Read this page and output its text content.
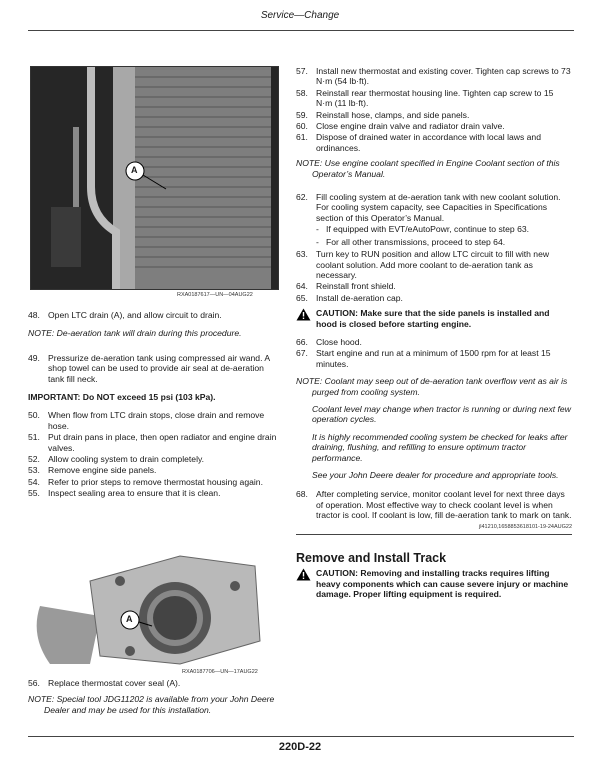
Service—Change
A
RXA0187617—UN—04AUG22
48. Open LTC drain (A), and allow circuit to drain.
NOTE: De-aeration tank will drain during this procedure.
49. Pressurize de-aeration tank using compressed air wand. A shop towel can be used to provide air seal at de-aeration tank fill neck.
IMPORTANT: Do NOT exceed 15 psi (103 kPa).
50. When flow from LTC drain stops, close drain and remove hose.
51. Put drain pans in place, then open radiator and engine drain valves.
52. Allow cooling system to drain completely.
53. Remove engine side panels.
54. Refer to prior steps to remove thermostat housing again.
55. Inspect sealing area to ensure that it is clean.
A
RXA0187706—UN—17AUG22
56. Replace thermostat cover seal (A).
NOTE: Special tool JDG11202 is available from your John Deere Dealer and may be used for this installation.
57. Install new thermostat and existing cover. Tighten cap screws to 73 N·m (54 lb·ft).
58. Reinstall rear thermostat housing line. Tighten cap screw to 15 N·m (11 lb·ft).
59. Reinstall hose, clamps, and side panels.
60. Close engine drain valve and radiator drain valve.
61. Dispose of drained water in accordance with local laws and ordinances.
NOTE: Use engine coolant specified in Engine Coolant section of this Operator’s Manual.
62. Fill cooling system at de-aeration tank with new coolant solution. For cooling system capacity, see Capacities in Specifications section of this Operator’s Manual.
- If equipped with EVT/eAutoPowr, continue to step 63.
- For all other transmissions, proceed to step 64.
63. Turn key to RUN position and allow LTC circuit to fill with new coolant solution. Add more coolant to de-aeration tank as necessary.
64. Reinstall front shield.
65. Install de-aeration cap.
CAUTION: Make sure that the side panels is installed and hood is closed before starting engine.
66. Close hood.
67. Start engine and run at a minimum of 1500 rpm for at least 15 minutes.
NOTE: Coolant may seep out of de-aeration tank overflow vent as air is purged from cooling system.
Coolant level may change when tractor is running or during next few operation cycles.
It is highly recommended cooling system be checked for leaks after draining, flushing, and refilling to ensure optimum tractor performance.
See your John Deere dealer for procedure and appropriate tools.
68. After completing service, monitor coolant level for next three days of operation. Most effective way to check coolant level is when tractor is cool. If coolant is low, fill de-aeration tank to mark on tank.
jl41210,1658853618101-19-24AUG22
Remove and Install Track
CAUTION: Removing and installing tracks requires lifting heavy components which can cause severe injury or machine damage. Proper lifting equipment is required.
220D-22
